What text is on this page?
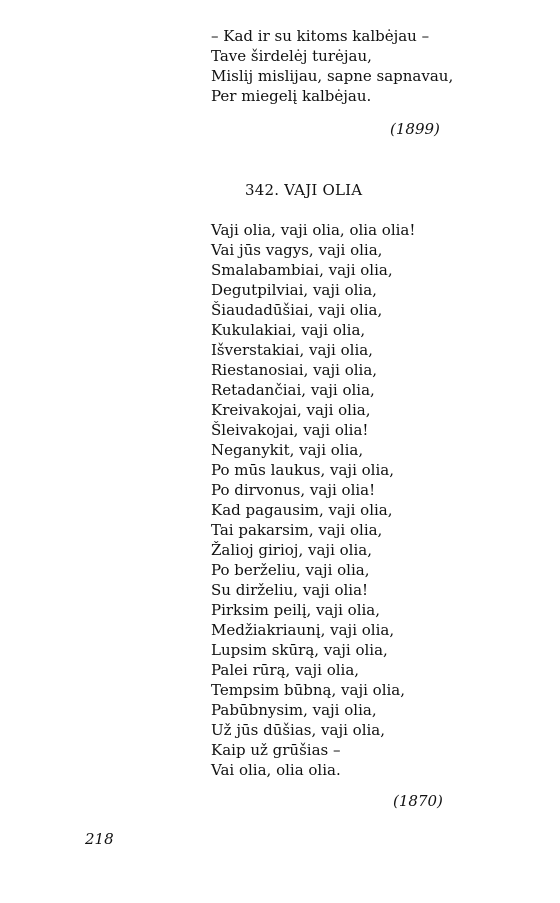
– Kad ir su kitoms kalbėjau –
Tave širdelėj turėjau,
Mislij mislijau, sapne sapnavau,
Per miegelį kalbėjau.
(1899)
342. VAJI OLIA
Vaji olia, vaji olia, olia olia!
Vai jūs vagys, vaji olia,
Smalabambiai, vaji olia,
Degutpilviai, vaji olia,
Šiaudadūšiai, vaji olia,
Kukulakiai, vaji olia,
Išverstakiai, vaji olia,
Riestanosiai, vaji olia,
Retadančiai, vaji olia,
Kreivakojai, vaji olia,
Šleivakojai, vaji olia!
Neganykit, vaji olia,
Po mūs laukus, vaji olia,
Po dirvonus, vaji olia!
Kad pagausim, vaji olia,
Tai pakarsim, vaji olia,
Žalioj girioj, vaji olia,
Po berželiu, vaji olia,
Su dirželiu, vaji olia!
Pirksim peilį, vaji olia,
Medžiakriaunį, vaji olia,
Lupsim skūrą, vaji olia,
Palei rūrą, vaji olia,
Tempsim būbną, vaji olia,
Pabūbnysim, vaji olia,
Už jūs dūšias, vaji olia,
Kaip už grūšias –
Vai olia, olia olia.
(1870)
218
